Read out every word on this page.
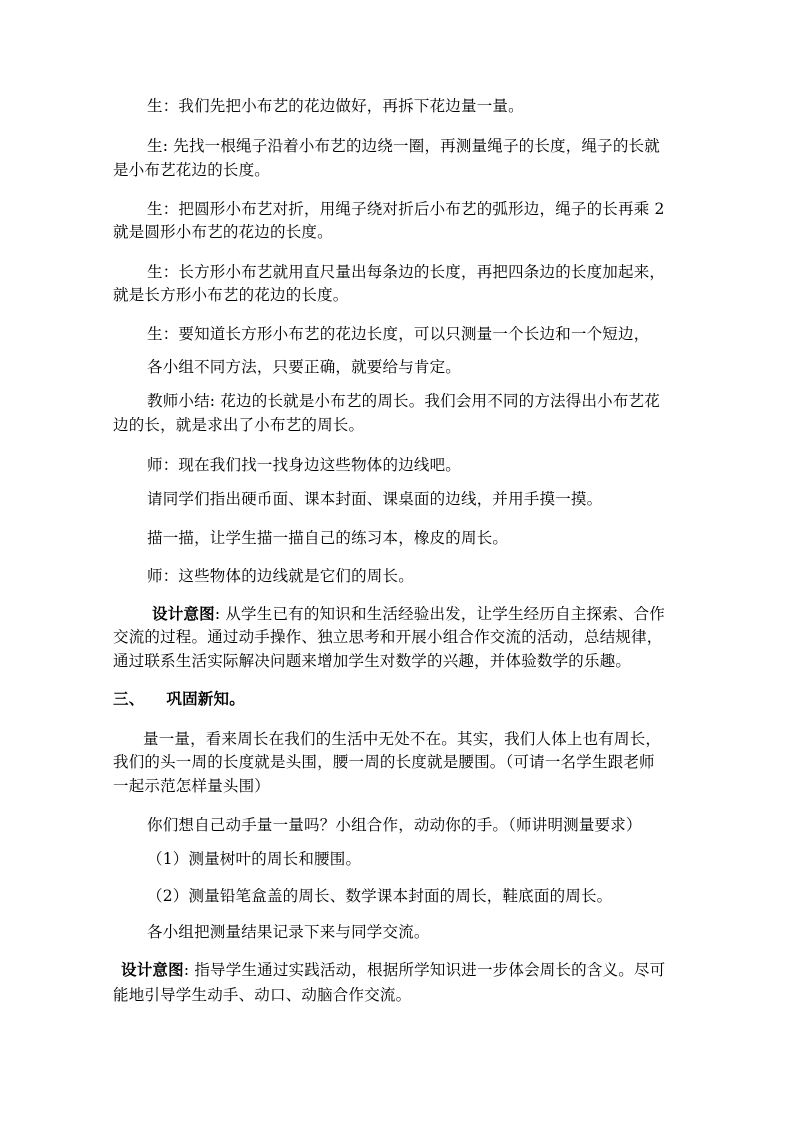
生：我们先把小布艺的花边做好，再拆下花边量一量。
生: 先找一根绳子沿着小布艺的边绕一圈，再测量绳子的长度，绳子的长就
是小布艺花边的长度。
生：把圆形小布艺对折，用绳子绕对折后小布艺的弧形边，绳子的长再乘 2
就是圆形小布艺的花边的长度。
生：长方形小布艺就用直尺量出每条边的长度，再把四条边的长度加起来，
就是长方形小布艺的花边的长度。
生：要知道长方形小布艺的花边长度，可以只测量一个长边和一个短边，
各小组不同方法，只要正确，就要给与肯定。
教师小结: 花边的长就是小布艺的周长。我们会用不同的方法得出小布艺花
边的长，就是求出了小布艺的周长。
师：现在我们找一找身边这些物体的边线吧。
请同学们指出硬币面、课本封面、课桌面的边线，并用手摸一摸。
描一描，让学生描一描自己的练习本，橡皮的周长。
师：这些物体的边线就是它们的周长。
设计意图: 从学生已有的知识和生活经验出发，让学生经历自主探索、合作
交流的过程。通过动手操作、独立思考和开展小组合作交流的活动，总结规律，
通过联系生活实际解决问题来增加学生对数学的兴趣，并体验数学的乐趣。
三、 巩固新知。
量一量，看来周长在我们的生活中无处不在。其实，我们人体上也有周长，
我们的头一周的长度就是头围，腰一周的长度就是腰围。（可请一名学生跟老师
一起示范怎样量头围）
你们想自己动手量一量吗？小组合作，动动你的手。（师讲明测量要求）
（1）测量树叶的周长和腰围。
（2）测量铅笔盒盖的周长、数学课本封面的周长，鞋底面的周长。
各小组把测量结果记录下来与同学交流。
设计意图: 指导学生通过实践活动，根据所学知识进一步体会周长的含义。尽可
能地引导学生动手、动口、动脑合作交流。
